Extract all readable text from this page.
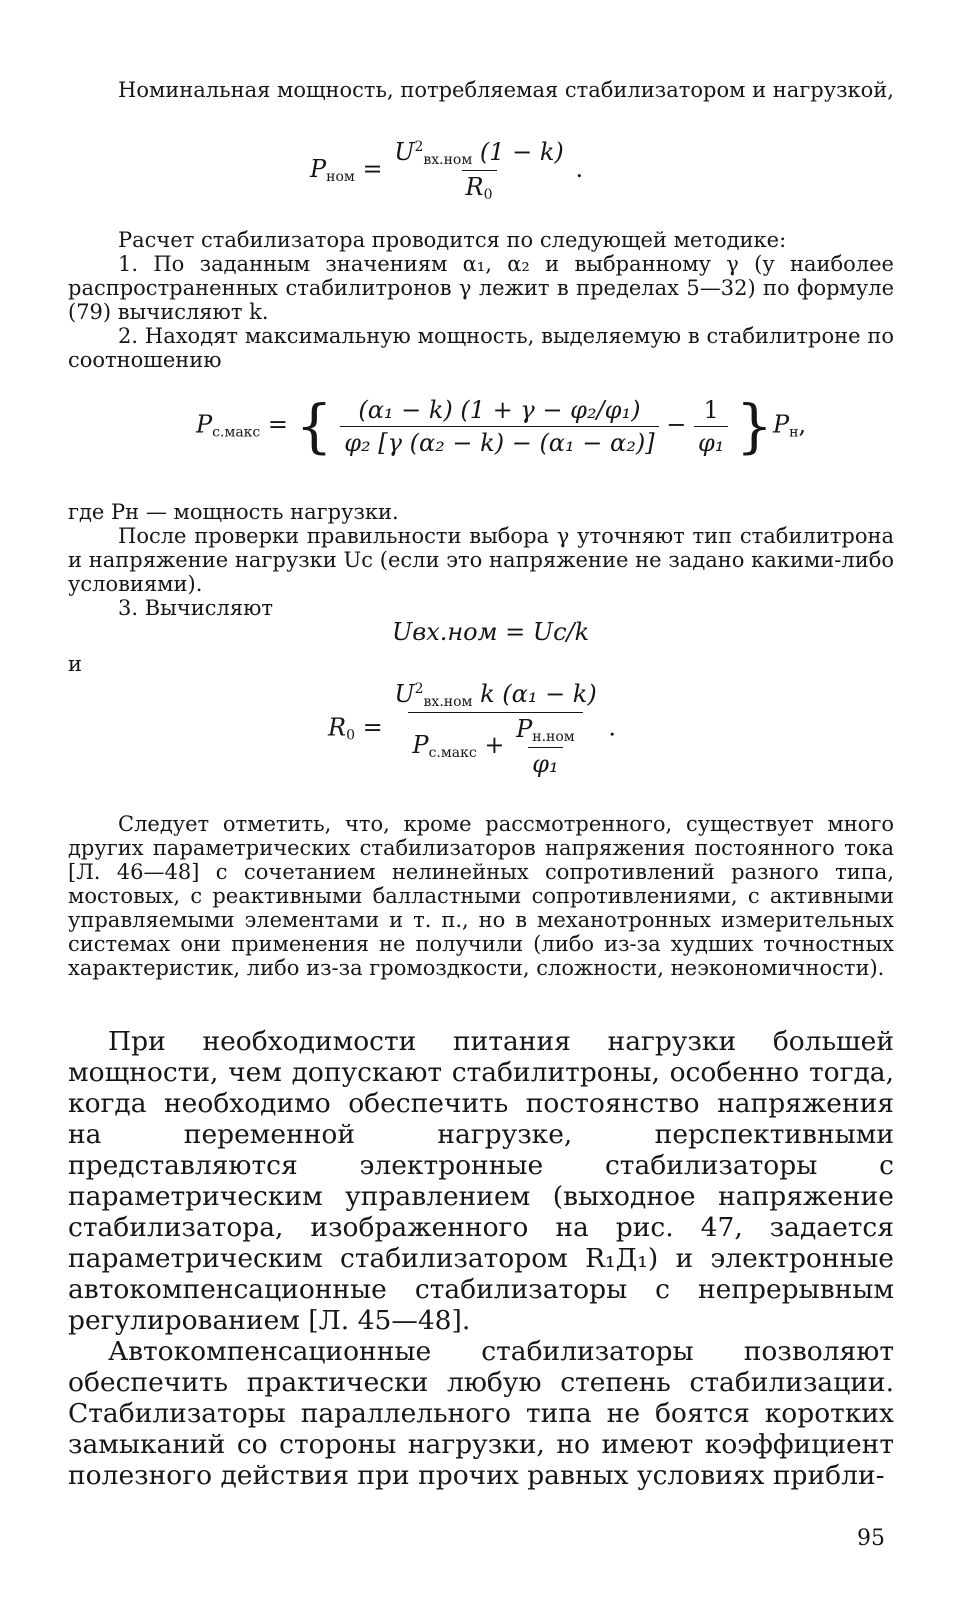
Номинальная мощность, потребляемая стабилизатором и нагрузкой,

$P_{ном}$ =
$U^2_{вх.ном}$ (1 − k)
$R_0$
.

Расчет стабилизатора проводится по следующей методике:

1. По заданным значениям α₁, α₂ и выбранному γ (у наиболее распространенных стабилитронов γ лежит в пределах 5—32) по формуле (79) вычисляют k.

2. Находят максимальную мощность, выделяемую в стабилитроне по соотношению

$P_{с.макс}$ = { $\frac{\text{(α₁ − k) (1 + γ − φ₂/φ₁)}}{\text{φ₂ [γ (α₂ − k) − (α₁ − α₂)]}} - \frac{1}{\text{φ₁}} \}P_н$,

где Pн — мощность нагрузки.

После проверки правильности выбора γ уточняют тип стабилитрона и напряжение нагрузки Uс (если это напряжение не задано какими-либо условиями).

3. Вычисляют

Uвх.ном = Uс/k
и
$R_0$ =
$U^2_{вх.ном}$ k (α₁ − k)
$P_{с.макс}$ +
$P_{н.ном}$
φ₁
.

Следует отметить, что, кроме рассмотренного, существует много других параметрических стабилизаторов напряжения постоянного тока [Л. 46—48] с сочетанием нелинейных сопротивлений разного типа, мостовых, с реактивными балластными сопротивлениями, с активными управляемыми элементами и т. п., но в механотронных измерительных системах они применения не получили (либо из-за худших точностных характеристик, либо из-за громоздкости, сложности, неэкономичности).

При необходимости питания нагрузки большей мощности, чем допускают стабилитроны, особенно тогда, когда необходимо обеспечить постоянство напряжения на переменной нагрузке, перспективными представляются электронные стабилизаторы с параметрическим управлением (выходное напряжение стабилизатора, изображенного на рис. 47, задается параметрическим стабилизатором R₁Д₁) и электронные автокомпенсационные стабилизаторы с непрерывным регулированием [Л. 45—48].

Автокомпенсационные стабилизаторы позволяют обеспечить практически любую степень стабилизации. Стабилизаторы параллельного типа не боятся коротких замыканий со стороны нагрузки, но имеют коэффициент полезного действия при прочих равных условиях прибли-

95
